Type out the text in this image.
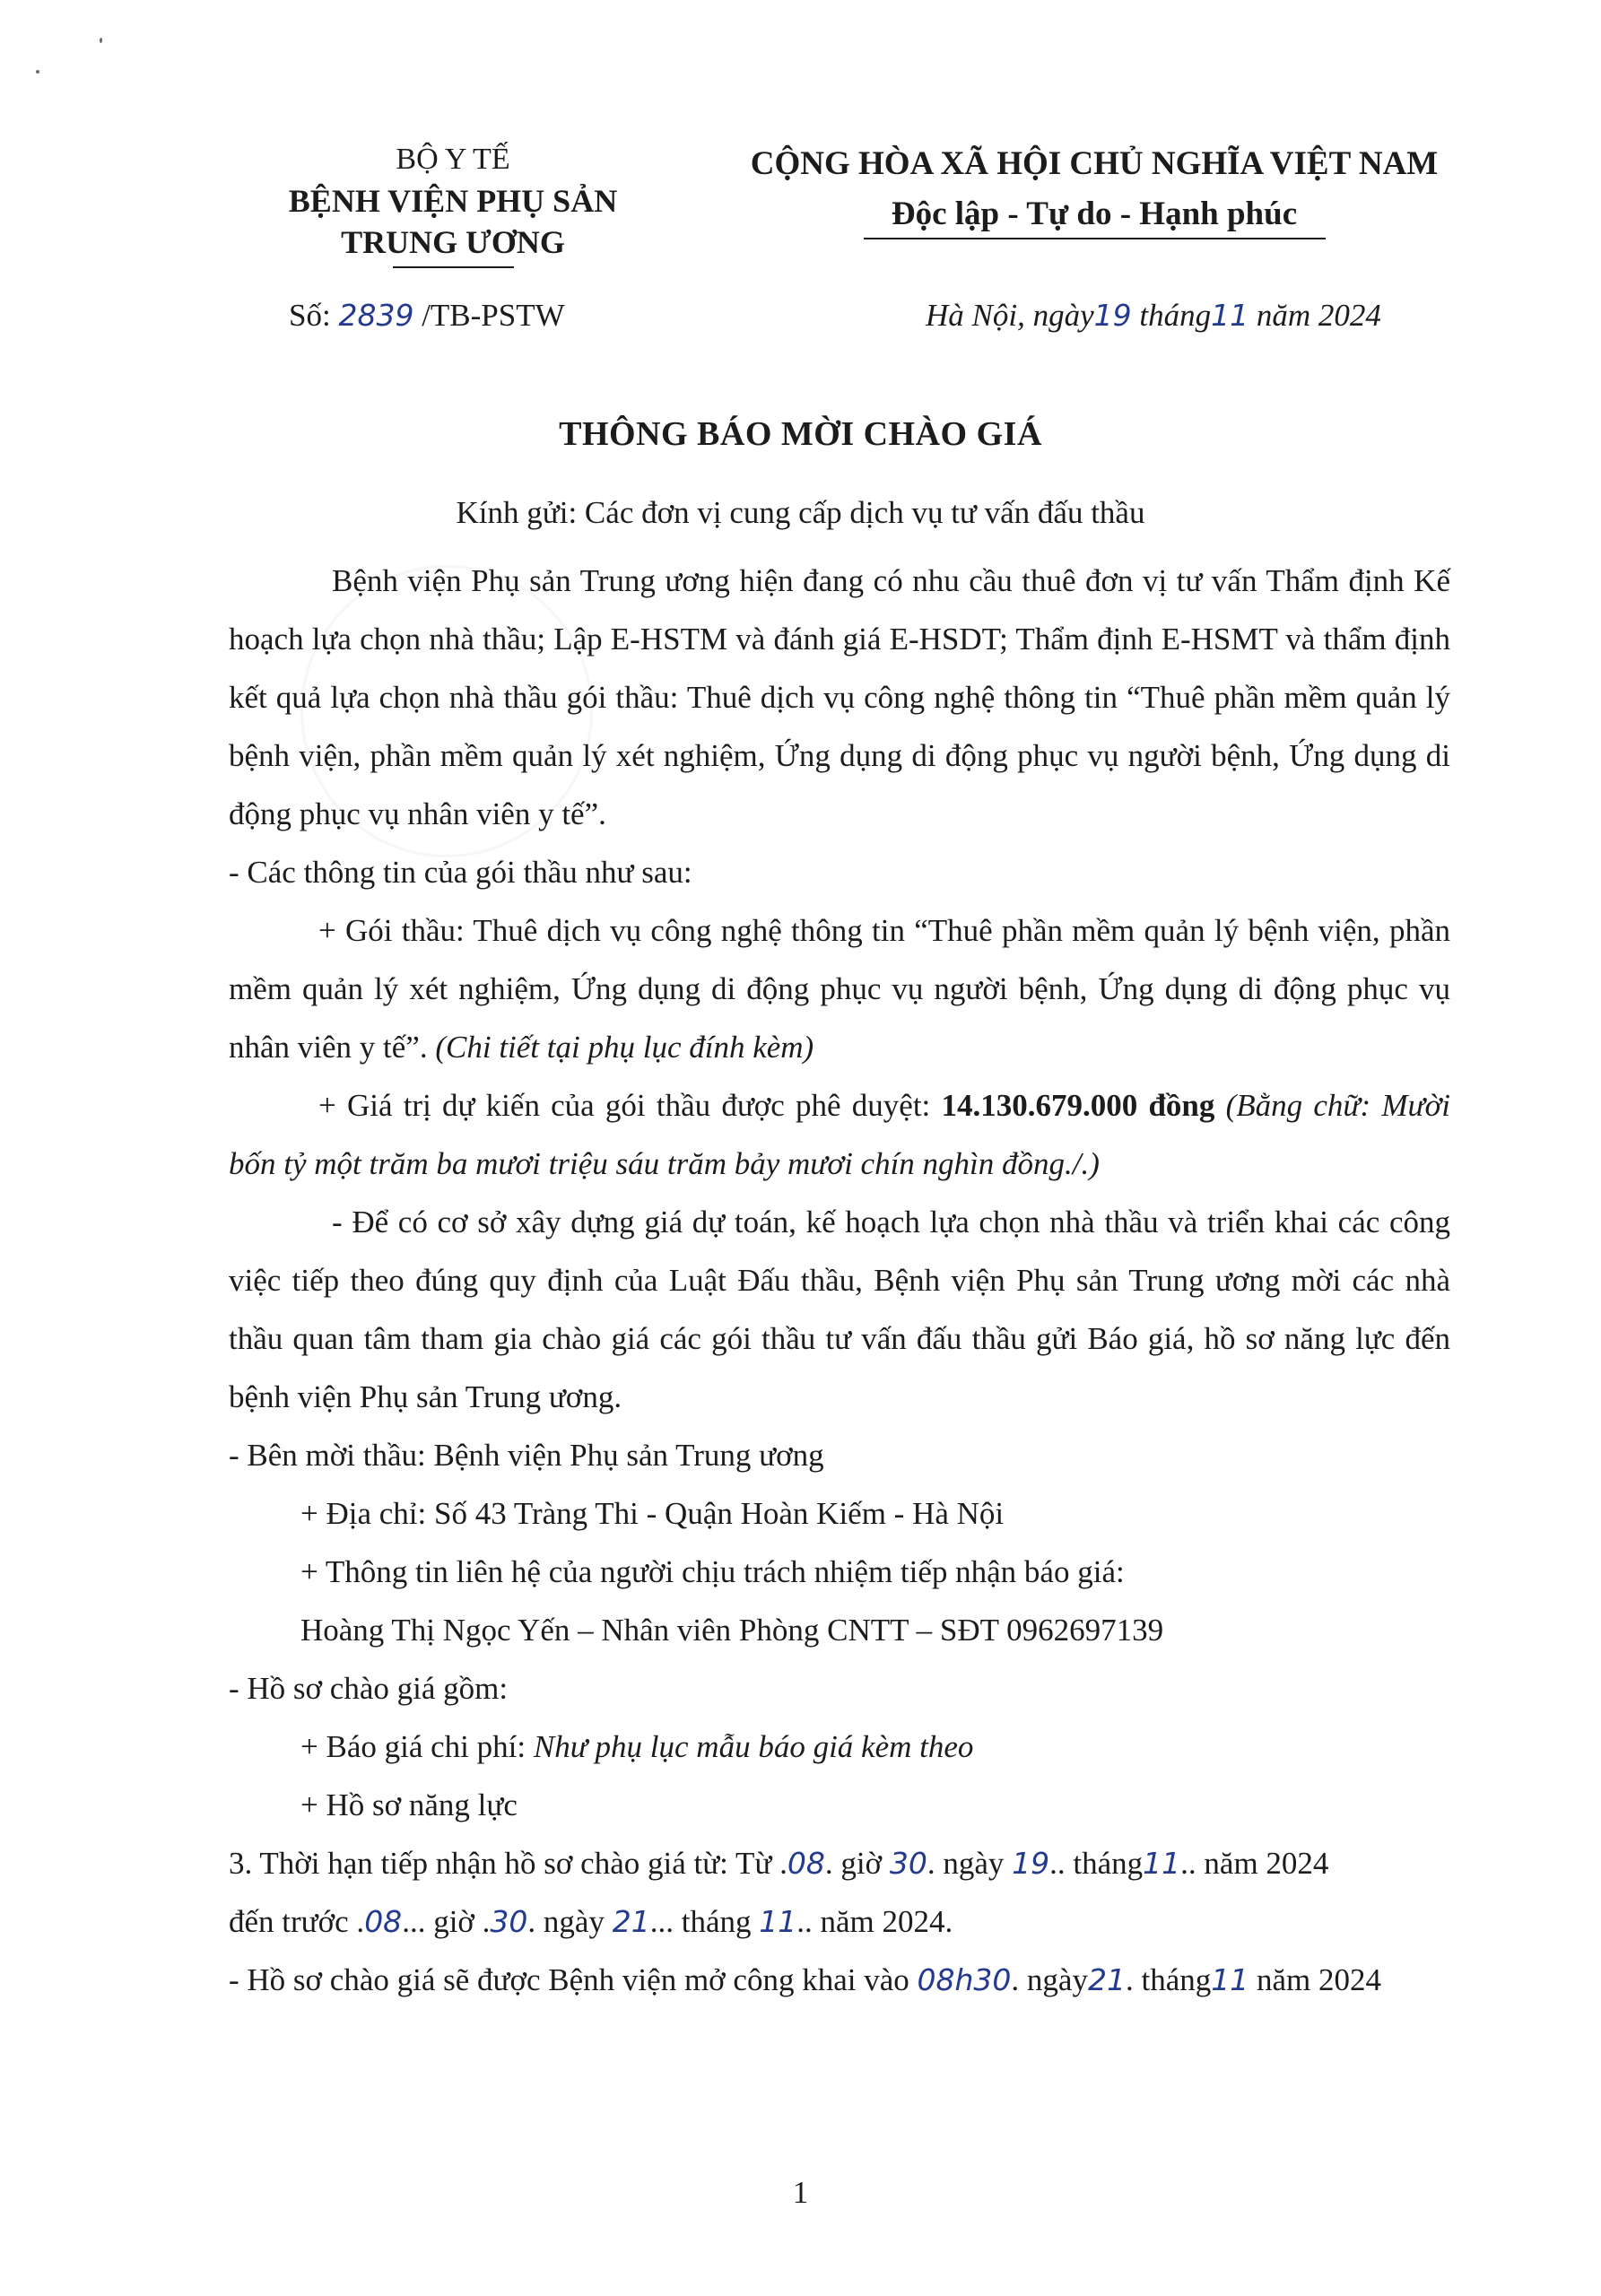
BỘ Y TẾ
BỆNH VIỆN PHỤ SẢN
TRUNG ƯƠNG
CỘNG HÒA XÃ HỘI CHỦ NGHĨA VIỆT NAM
Độc lập - Tự do - Hạnh phúc
Số: 2839 /TB-PSTW	Hà Nội, ngày19 tháng11 năm 2024
THÔNG BÁO MỜI CHÀO GIÁ
Kính gửi: Các đơn vị cung cấp dịch vụ tư vấn đấu thầu

Bệnh viện Phụ sản Trung ương hiện đang có nhu cầu thuê đơn vị tư vấn Thẩm định Kế hoạch lựa chọn nhà thầu; Lập E-HSTM và đánh giá E-HSDT; Thẩm định E-HSMT và thẩm định kết quả lựa chọn nhà thầu gói thầu: Thuê dịch vụ công nghệ thông tin “Thuê phần mềm quản lý bệnh viện, phần mềm quản lý xét nghiệm, Ứng dụng di động phục vụ người bệnh, Ứng dụng di động phục vụ nhân viên y tế”.

- Các thông tin của gói thầu như sau:

+ Gói thầu: Thuê dịch vụ công nghệ thông tin “Thuê phần mềm quản lý bệnh viện, phần mềm quản lý xét nghiệm, Ứng dụng di động phục vụ người bệnh, Ứng dụng di động phục vụ nhân viên y tế”. (Chi tiết tại phụ lục đính kèm)

+ Giá trị dự kiến của gói thầu được phê duyệt: 14.130.679.000 đồng (Bằng chữ: Mười bốn tỷ một trăm ba mươi triệu sáu trăm bảy mươi chín nghìn đồng./.)

- Để có cơ sở xây dựng giá dự toán, kế hoạch lựa chọn nhà thầu và triển khai các công việc tiếp theo đúng quy định của Luật Đấu thầu, Bệnh viện Phụ sản Trung ương mời các nhà thầu quan tâm tham gia chào giá các gói thầu tư vấn đấu thầu gửi Báo giá, hồ sơ năng lực đến bệnh viện Phụ sản Trung ương.

- Bên mời thầu: Bệnh viện Phụ sản Trung ương

+ Địa chỉ: Số 43 Tràng Thi - Quận Hoàn Kiếm - Hà Nội

+ Thông tin liên hệ của người chịu trách nhiệm tiếp nhận báo giá:

Hoàng Thị Ngọc Yến – Nhân viên Phòng CNTT – SĐT 0962697139

- Hồ sơ chào giá gồm:

+ Báo giá chi phí: Như phụ lục mẫu báo giá kèm theo

+ Hồ sơ năng lực

3. Thời hạn tiếp nhận hồ sơ chào giá từ: Từ .08. giờ 30. ngày 19.. tháng11.. năm 2024

đến trước .08... giờ .30. ngày 21... tháng 11.. năm 2024.

- Hồ sơ chào giá sẽ được Bệnh viện mở công khai vào 08h30. ngày21. tháng11 năm 2024

1
